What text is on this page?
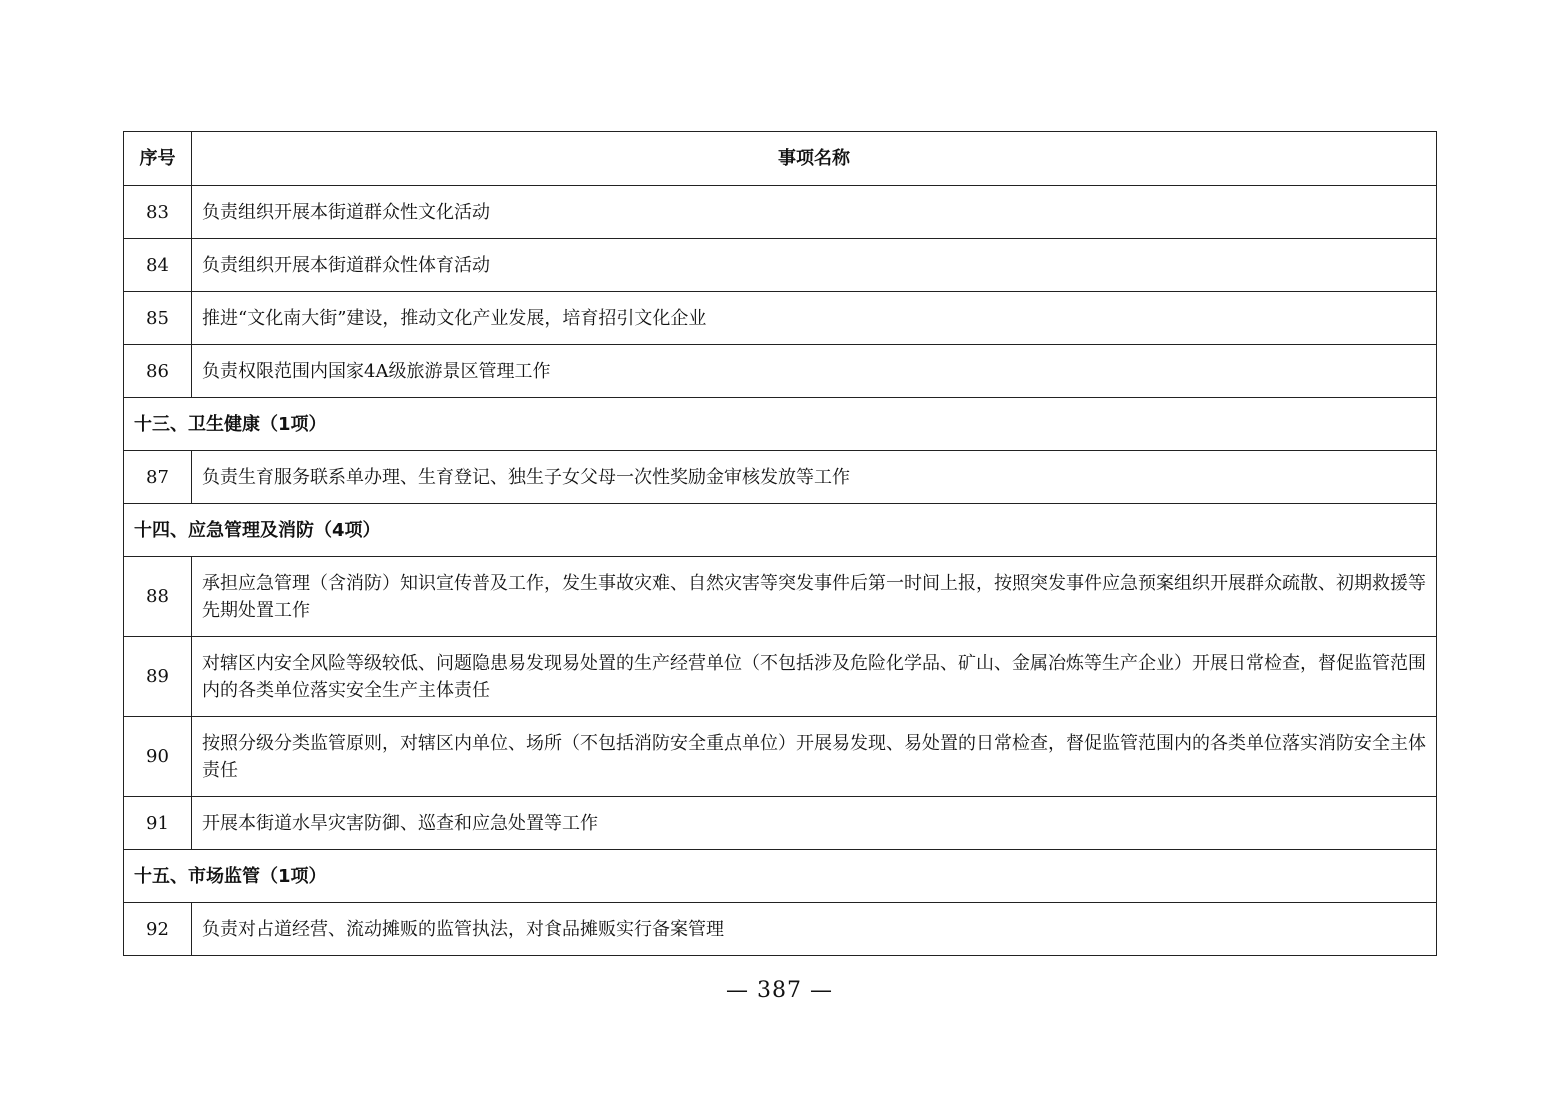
序号	事项名称
83	负责组织开展本街道群众性文化活动
84	负责组织开展本街道群众性体育活动
85	推进“文化南大街”建设，推动文化产业发展，培育招引文化企业
86	负责权限范围内国家4A级旅游景区管理工作
十三、卫生健康（1项）	
87	负责生育服务联系单办理、生育登记、独生子女父母一次性奖励金审核发放等工作
十四、应急管理及消防（4项）	
88	承担应急管理（含消防）知识宣传普及工作，发生事故灾难、自然灾害等突发事件后第一时间上报，按照突发事件应急预案组织开展群众疏散、初期救援等先期处置工作
89	对辖区内安全风险等级较低、问题隐患易发现易处置的生产经营单位（不包括涉及危险化学品、矿山、金属冶炼等生产企业）开展日常检查，督促监管范围内的各类单位落实安全生产主体责任
90	按照分级分类监管原则，对辖区内单位、场所（不包括消防安全重点单位）开展易发现、易处置的日常检查，督促监管范围内的各类单位落实消防安全主体责任
91	开展本街道水旱灾害防御、巡查和应急处置等工作
十五、市场监管（1项）	
92	负责对占道经营、流动摊贩的监管执法，对食品摊贩实行备案管理
— 387 —
